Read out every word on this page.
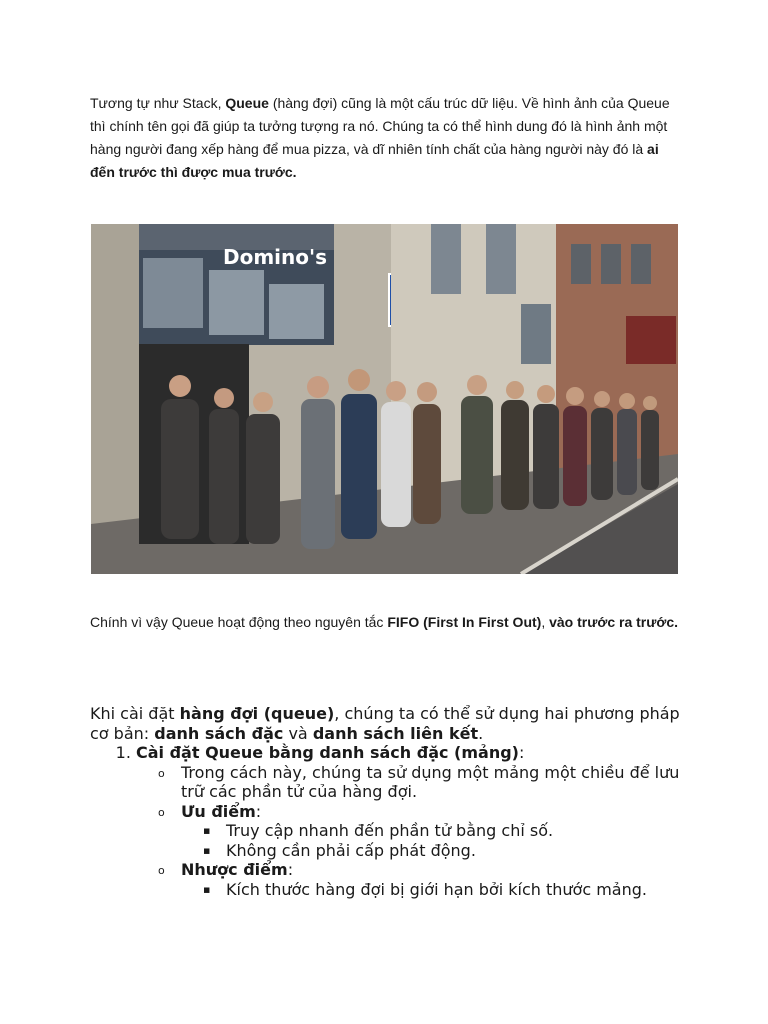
Tương tự như Stack, Queue (hàng đợi) cũng là một cấu trúc dữ liệu. Về hình ảnh của Queue thì chính tên gọi đã giúp ta tưởng tượng ra nó. Chúng ta có thể hình dung đó là hình ảnh một hàng người đang xếp hàng để mua pizza, và dĩ nhiên tính chất của hàng người này đó là ai đến trước thì được mua trước.

Domino's

Chính vì vậy Queue hoạt động theo nguyên tắc FIFO (First In First Out), vào trước ra trước.

Khi cài đặt hàng đợi (queue), chúng ta có thể sử dụng hai phương pháp cơ bản: danh sách đặc và danh sách liên kết.

1. Cài đặt Queue bằng danh sách đặc (mảng):
o Trong cách này, chúng ta sử dụng một mảng một chiều để lưu trữ các phần tử của hàng đợi.
o Ưu điểm:
▪ Truy cập nhanh đến phần tử bằng chỉ số.
▪ Không cần phải cấp phát động.
o Nhược điểm:
▪ Kích thước hàng đợi bị giới hạn bởi kích thước mảng.
